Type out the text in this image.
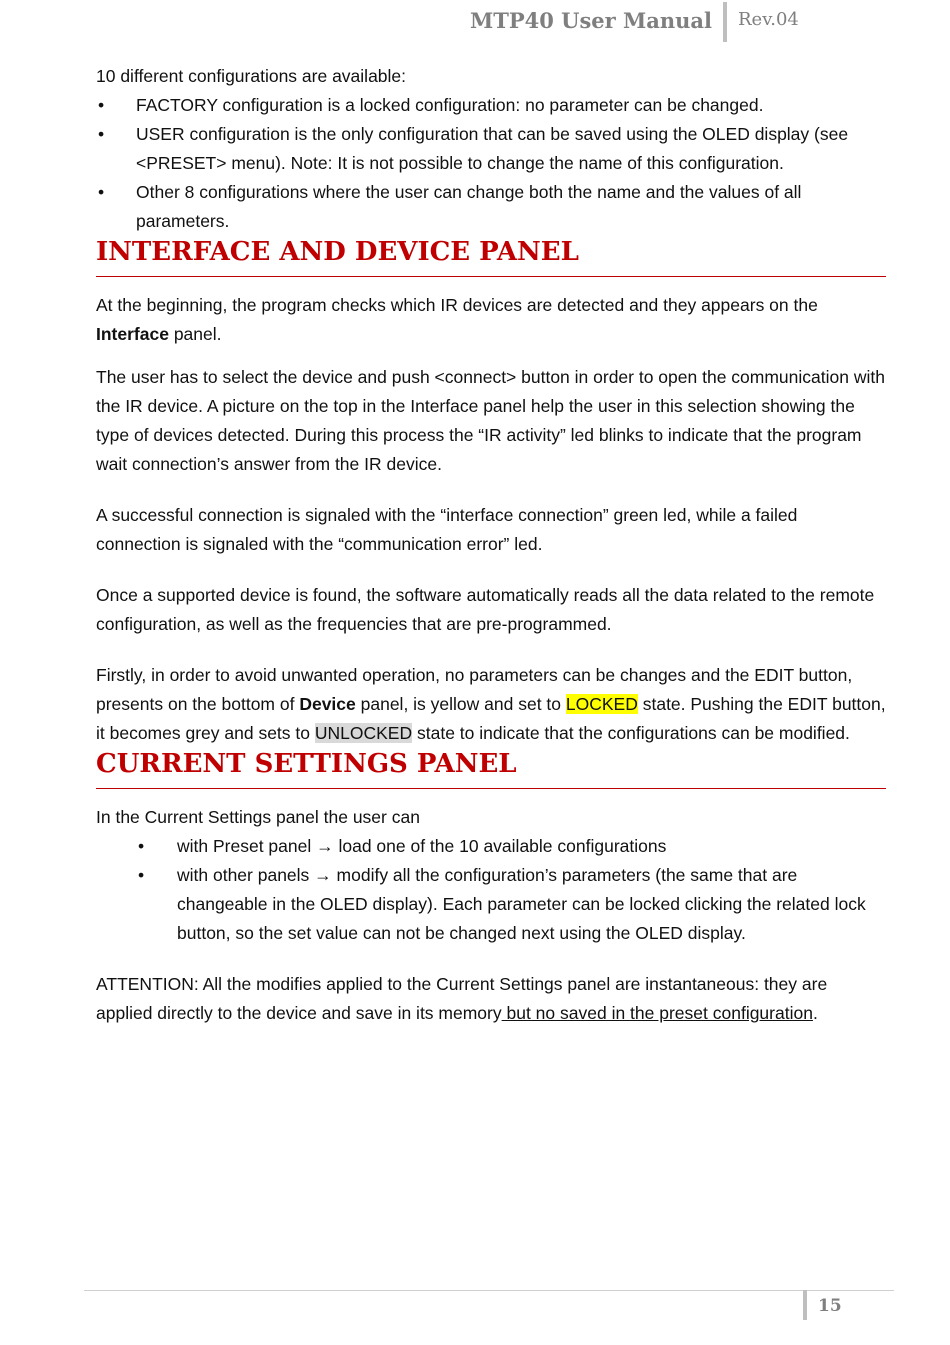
MTP40 User Manual Rev.04

10 different configurations are available:

• FACTORY configuration is a locked configuration: no parameter can be changed.
• USER configuration is the only configuration that can be saved using the OLED display (see <PRESET> menu). Note: It is not possible to change the name of this configuration.
• Other 8 configurations where the user can change both the name and the values of all parameters.
INTERFACE AND DEVICE PANEL

At the beginning, the program checks which IR devices are detected and they appears on the Interface panel.

The user has to select the device and push <connect> button in order to open the communication with the IR device. A picture on the top in the Interface panel help the user in this selection showing the type of devices detected. During this process the “IR activity” led blinks to indicate that the program wait connection’s answer from the IR device.

A successful connection is signaled with the “interface connection” green led, while a failed connection is signaled with the “communication error” led.

Once a supported device is found, the software automatically reads all the data related to the remote configuration, as well as the frequencies that are pre-programmed.

Firstly, in order to avoid unwanted operation, no parameters can be changes and the EDIT button, presents on the bottom of Device panel, is yellow and set to LOCKED state. Pushing the EDIT button, it becomes grey and sets to UNLOCKED state to indicate that the configurations can be modified.

CURRENT SETTINGS PANEL

In the Current Settings panel the user can

• with Preset panel → load one of the 10 available configurations
• with other panels → modify all the configuration’s parameters (the same that are changeable in the OLED display). Each parameter can be locked clicking the related lock button, so the set value can not be changed next using the OLED display.

ATTENTION: All the modifies applied to the Current Settings panel are instantaneous: they are applied directly to the device and save in its memory but no saved in the preset configuration.

15
